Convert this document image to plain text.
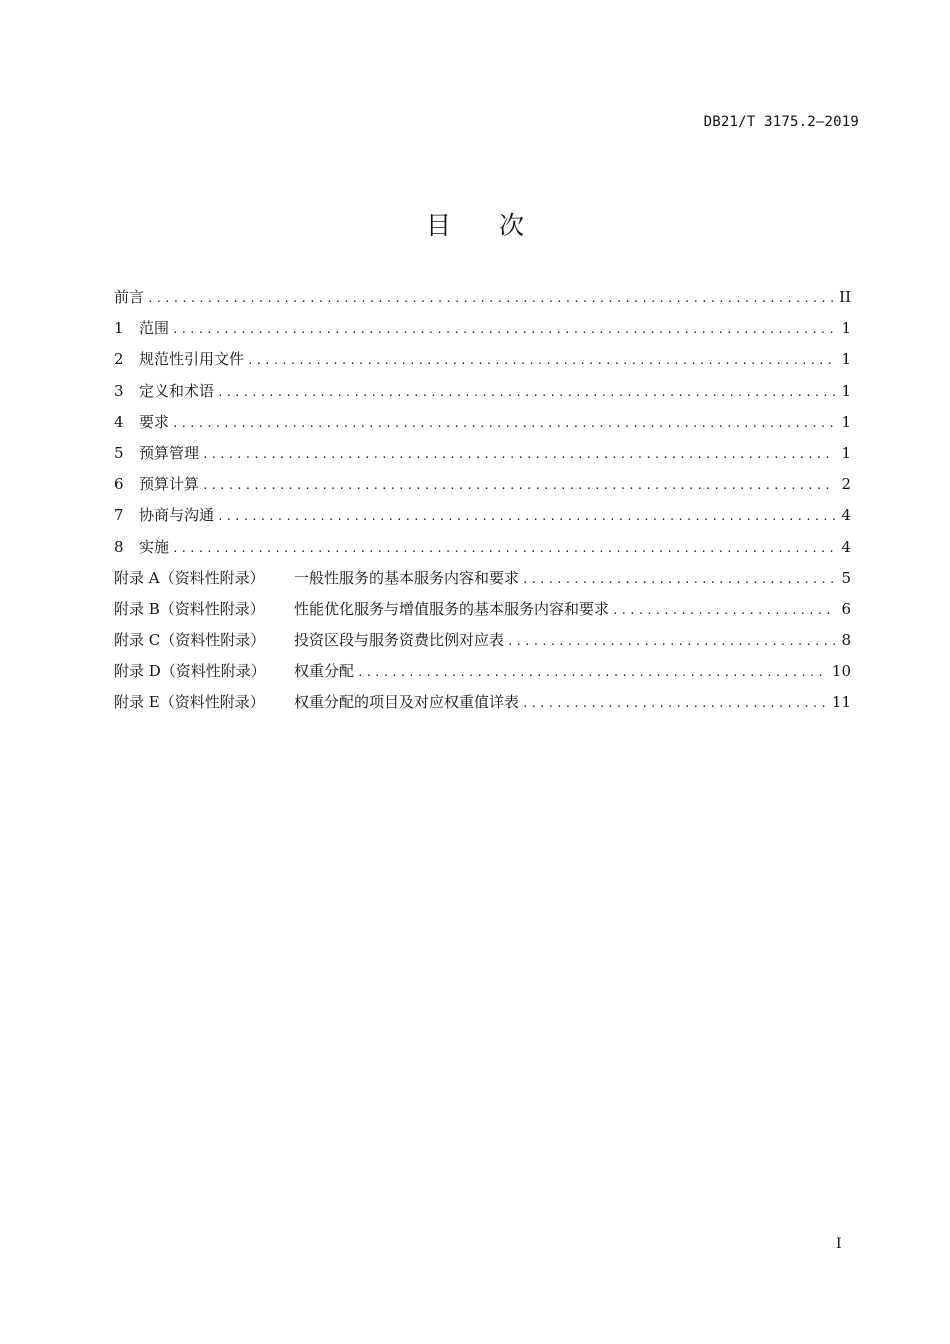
DB21/T 3175.2—2019
目次
前言 .....	II
1	范围 .....	1
2	规范性引用文件 .....	1
3	定义和术语 .....	1
4	要求 .....	1
5	预算管理 .....	1
6	预算计算 .....	2
7	协商与沟通 .....	4
8	实施 .....	4
附录 A（资料性附录）	一般性服务的基本服务内容和要求 .....	5
附录 B（资料性附录）	性能优化服务与增值服务的基本服务内容和要求 .....	6
附录 C（资料性附录）	投资区段与服务资费比例对应表 .....	8
附录 D（资料性附录）	权重分配 .....	10
附录 E（资料性附录）	权重分配的项目及对应权重值详表 .....	11
I
